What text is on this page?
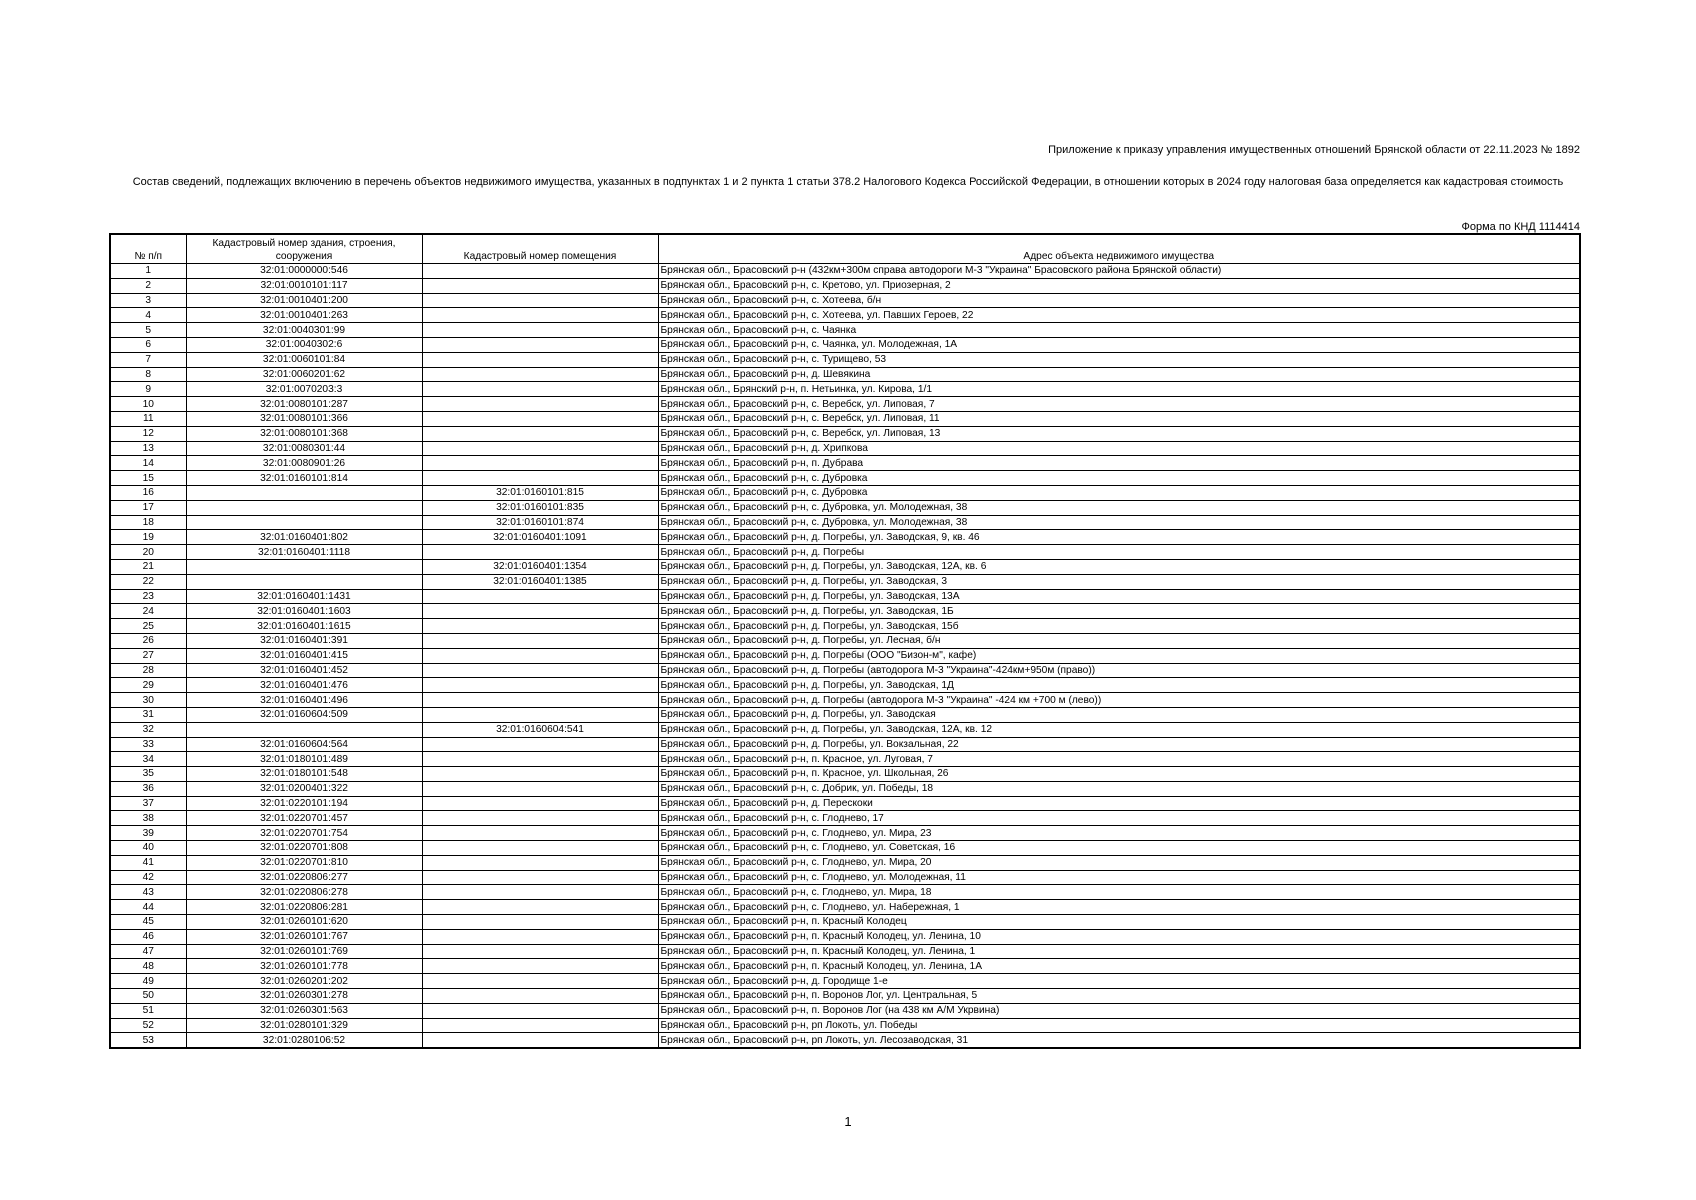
Приложение к приказу управления имущественных отношений Брянской области от 22.11.2023 № 1892
Состав сведений, подлежащих включению в перечень объектов недвижимого имущества, указанных в подпунктах 1 и 2 пункта 1 статьи 378.2 Налогового Кодекса Российской Федерации, в отношении которых в 2024 году налоговая база определяется как кадастровая стоимость
Форма по КНД 1114414
№ п/п	Кадастровый номер здания, строения, сооружения	Кадастровый номер помещения	Адрес объекта недвижимого имущества
1	32:01:0000000:546		Брянская обл., Брасовский р-н (432км+300м справа автодороги М-3 "Украина" Брасовского района Брянской области)
2	32:01:0010101:117		Брянская обл., Брасовский р-н, с. Кретово, ул. Приозерная, 2
3	32:01:0010401:200		Брянская обл., Брасовский р-н, с. Хотеева, б/н
4	32:01:0010401:263		Брянская обл., Брасовский р-н, с. Хотеева, ул. Павших Героев, 22
5	32:01:0040301:99		Брянская обл., Брасовский р-н, с. Чаянка
6	32:01:0040302:6		Брянская обл., Брасовский р-н, с. Чаянка, ул. Молодежная, 1А
7	32:01:0060101:84		Брянская обл., Брасовский р-н, с. Турищево, 53
8	32:01:0060201:62		Брянская обл., Брасовский р-н, д. Шевякина
9	32:01:0070203:3		Брянская обл., Брянский р-н, п. Нетьинка, ул. Кирова, 1/1
10	32:01:0080101:287		Брянская обл., Брасовский р-н, с. Веребск, ул. Липовая, 7
11	32:01:0080101:366		Брянская обл., Брасовский р-н, с. Веребск, ул. Липовая, 11
12	32:01:0080101:368		Брянская обл., Брасовский р-н, с. Веребск, ул. Липовая, 13
13	32:01:0080301:44		Брянская обл., Брасовский р-н, д. Хрипкова
14	32:01:0080901:26		Брянская обл., Брасовский р-н, п. Дубрава
15	32:01:0160101:814		Брянская обл., Брасовский р-н, с. Дубровка
16		32:01:0160101:815	Брянская обл., Брасовский р-н, с. Дубровка
17		32:01:0160101:835	Брянская обл., Брасовский р-н, с. Дубровка, ул. Молодежная, 38
18		32:01:0160101:874	Брянская обл., Брасовский р-н, с. Дубровка, ул. Молодежная, 38
19	32:01:0160401:802	32:01:0160401:1091	Брянская обл., Брасовский р-н, д. Погребы, ул. Заводская, 9, кв. 46
20	32:01:0160401:1118		Брянская обл., Брасовский р-н, д. Погребы
21		32:01:0160401:1354	Брянская обл., Брасовский р-н, д. Погребы, ул. Заводская, 12А, кв. 6
22		32:01:0160401:1385	Брянская обл., Брасовский р-н, д. Погребы, ул. Заводская, 3
23	32:01:0160401:1431		Брянская обл., Брасовский р-н, д. Погребы, ул. Заводская, 13А
24	32:01:0160401:1603		Брянская обл., Брасовский р-н, д. Погребы, ул. Заводская, 1Б
25	32:01:0160401:1615		Брянская обл., Брасовский р-н, д. Погребы, ул. Заводская, 15б
26	32:01:0160401:391		Брянская обл., Брасовский р-н, д. Погребы, ул. Лесная, б/н
27	32:01:0160401:415		Брянская обл., Брасовский р-н, д. Погребы (ООО "Бизон-м", кафе)
28	32:01:0160401:452		Брянская обл., Брасовский р-н, д. Погребы (автодорога М-3 "Украина"-424км+950м (право))
29	32:01:0160401:476		Брянская обл., Брасовский р-н, д. Погребы, ул. Заводская, 1Д
30	32:01:0160401:496		Брянская обл., Брасовский р-н, д. Погребы (автодорога М-3 "Украина" -424 км +700 м (лево))
31	32:01:0160604:509		Брянская обл., Брасовский р-н, д. Погребы, ул. Заводская
32		32:01:0160604:541	Брянская обл., Брасовский р-н, д. Погребы, ул. Заводская, 12А, кв. 12
33	32:01:0160604:564		Брянская обл., Брасовский р-н, д. Погребы, ул. Вокзальная, 22
34	32:01:0180101:489		Брянская обл., Брасовский р-н, п. Красное, ул. Луговая, 7
35	32:01:0180101:548		Брянская обл., Брасовский р-н, п. Красное, ул. Школьная, 26
36	32:01:0200401:322		Брянская обл., Брасовский р-н, с. Добрик, ул. Победы, 18
37	32:01:0220101:194		Брянская обл., Брасовский р-н, д. Перескоки
38	32:01:0220701:457		Брянская обл., Брасовский р-н, с. Глоднево, 17
39	32:01:0220701:754		Брянская обл., Брасовский р-н, с. Глоднево, ул. Мира, 23
40	32:01:0220701:808		Брянская обл., Брасовский р-н, с. Глоднево, ул. Советская, 16
41	32:01:0220701:810		Брянская обл., Брасовский р-н, с. Глоднево, ул. Мира, 20
42	32:01:0220806:277		Брянская обл., Брасовский р-н, с. Глоднево, ул. Молодежная, 11
43	32:01:0220806:278		Брянская обл., Брасовский р-н, с. Глоднево, ул. Мира, 18
44	32:01:0220806:281		Брянская обл., Брасовский р-н, с. Глоднево, ул. Набережная, 1
45	32:01:0260101:620		Брянская обл., Брасовский р-н, п. Красный Колодец
46	32:01:0260101:767		Брянская обл., Брасовский р-н, п. Красный Колодец, ул. Ленина, 10
47	32:01:0260101:769		Брянская обл., Брасовский р-н, п. Красный Колодец, ул. Ленина, 1
48	32:01:0260101:778		Брянская обл., Брасовский р-н, п. Красный Колодец, ул. Ленина, 1А
49	32:01:0260201:202		Брянская обл., Брасовский р-н, д. Городище 1-е
50	32:01:0260301:278		Брянская обл., Брасовский р-н, п. Воронов Лог, ул. Центральная, 5
51	32:01:0260301:563		Брянская обл., Брасовский р-н, п. Воронов Лог (на 438 км А/М Укрвина)
52	32:01:0280101:329		Брянская обл., Брасовский р-н, рп Локоть, ул. Победы
53	32:01:0280106:52		Брянская обл., Брасовский р-н, рп Локоть, ул. Лесозаводская, 31
1
